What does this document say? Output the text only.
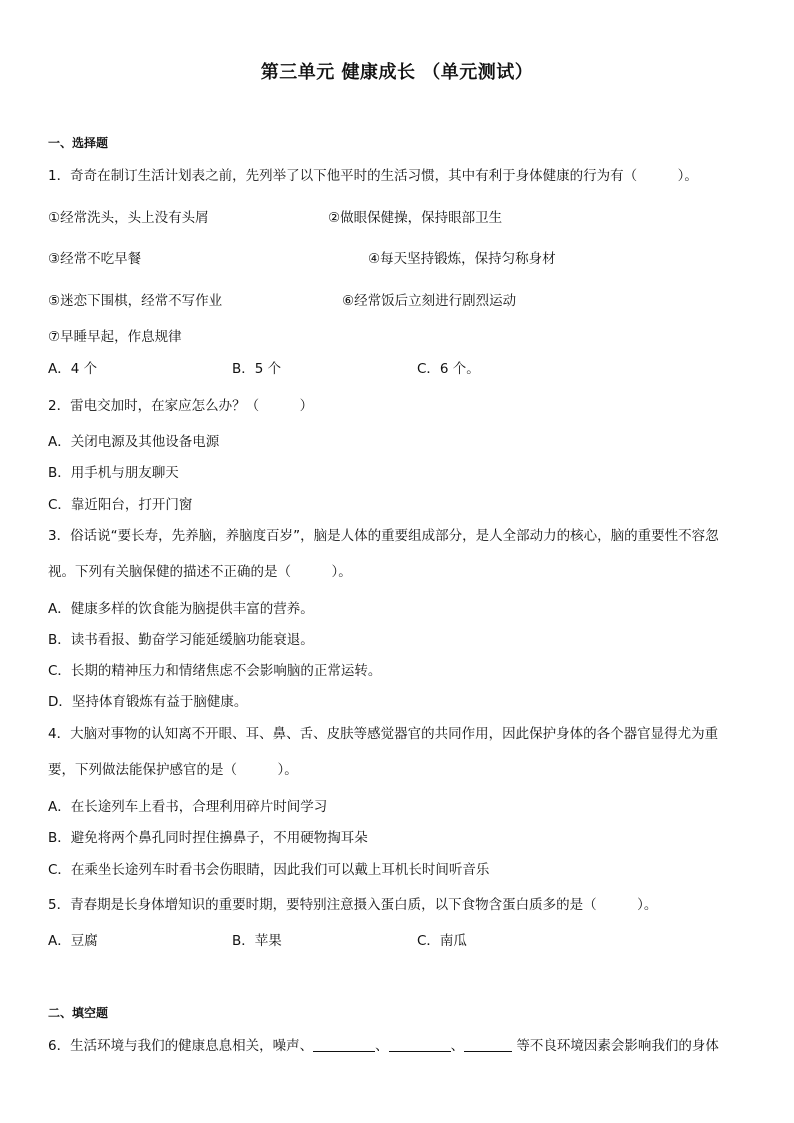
第三单元 健康成长 （单元测试）
一、选择题
1．奇奇在制订生活计划表之前，先列举了以下他平时的生活习惯，其中有利于身体健康的行为有（　　　）。
①经常洗头，头上没有头屑	②做眼保健操，保持眼部卫生
③经常不吃早餐	④每天坚持锻炼，保持匀称身材
⑤迷恋下围棋，经常不写作业	⑥经常饭后立刻进行剧烈运动
⑦早睡早起，作息规律
A．4 个	B．5 个	C．6 个。
2．雷电交加时，在家应怎么办？（　　　）
A．关闭电源及其他设备电源
B．用手机与朋友聊天
C．靠近阳台，打开门窗
3．俗话说“要长寿，先养脑，养脑度百岁”，脑是人体的重要组成部分，是人全部动力的核心，脑的重要性不容忽
视。下列有关脑保健的描述不正确的是（　　　）。
A．健康多样的饮食能为脑提供丰富的营养。
B．读书看报、勤奋学习能延缓脑功能衰退。
C．长期的精神压力和情绪焦虑不会影响脑的正常运转。
D．坚持体育锻炼有益于脑健康。
4．大脑对事物的认知离不开眼、耳、鼻、舌、皮肤等感觉器官的共同作用，因此保护身体的各个器官显得尤为重
要，下列做法能保护感官的是（　　　）。
A．在长途列车上看书，合理利用碎片时间学习
B．避免将两个鼻孔同时捏住擤鼻子，不用硬物掏耳朵
C．在乘坐长途列车时看书会伤眼睛，因此我们可以戴上耳机长时间听音乐
5．青春期是长身体增知识的重要时期，要特别注意摄入蛋白质，以下食物含蛋白质多的是（　　　）。
A．豆腐	B．苹果	C．南瓜
二、填空题
6．生活环境与我们的健康息息相关，噪声、	、	、	等不良环境因素会影响我们的身体
